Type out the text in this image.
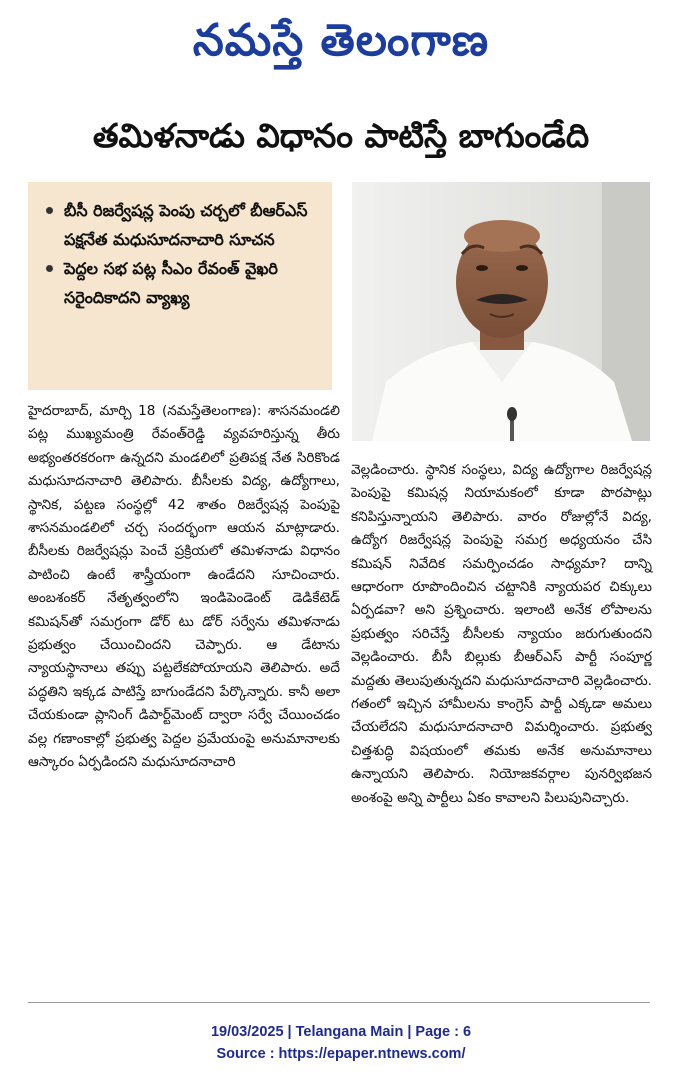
నమస్తే తెలంగాణ
తమిళనాడు విధానం పాటిస్తే బాగుండేది
బీసీ రిజర్వేషన్ల పెంపు చర్చలో బీఆర్‌ఎస్ పక్షనేత మధుసూదనాచారి సూచన
పెద్దల సభ పట్ల సీఎం రేవంత్ వైఖరి సరైందికాదని వ్యాఖ్య
హైదరాబాద్, మార్చి 18 (నమస్తేతెలంగాణ): శాసనమండలి పట్ల ముఖ్యమంత్రి రేవంత్‌రెడ్డి వ్యవహరిస్తున్న తీరు అభ్యంతరకరంగా ఉన్నదని మండలిలో ప్రతిపక్ష నేత సిరికొండ మధుసూదనాచారి తెలిపారు. బీసీలకు విద్య, ఉద్యోగాలు, స్థానిక, పట్టణ సంస్థల్లో 42 శాతం రిజర్వేషన్ల పెంపుపై శాసనమండలిలో చర్చ సందర్భంగా ఆయన మాట్లాడారు. బీసీలకు రిజర్వేషన్లు పెంచే ప్రక్రియలో తమిళనాడు విధానం పాటించి ఉంటే శాస్త్రీయంగా ఉండేదని సూచించారు. అంబశంకర్ నేతృత్వంలోని ఇండిపెండెంట్ డెడికేటెడ్ కమిషన్‌తో సమగ్రంగా డోర్ టు డోర్ సర్వేను తమిళనాడు ప్రభుత్వం చేయించిందని చెప్పారు. ఆ డేటాను న్యాయస్థానాలు తప్పు పట్టలేకపోయాయని తెలిపారు. అదే పద్ధతిని ఇక్కడ పాటిస్తే బాగుండేదని పేర్కొన్నారు. కానీ అలా చేయకుండా ప్లానింగ్ డిపార్ట్‌మెంట్ ద్వారా సర్వే చేయించడం వల్ల గణాంకాల్లో ప్రభుత్వ పెద్దల ప్రమేయంపై అనుమానాలకు ఆస్కారం ఏర్పడిందని మధుసూదనాచారి
వెల్లడించారు. స్థానిక సంస్థలు, విద్య ఉద్యోగాల రిజర్వేషన్ల పెంపుపై కమిషన్ల నియామకంలో కూడా పొరపాట్లు కనిపిస్తున్నాయని తెలిపారు. వారం రోజుల్లోనే విద్య, ఉద్యోగ రిజర్వేషన్ల పెంపుపై సమగ్ర అధ్యయనం చేసి కమిషన్ నివేదిక సమర్పించడం సాధ్యమా? దాన్ని ఆధారంగా రూపొందించిన చట్టానికి న్యాయపర చిక్కులు ఏర్పడవా? అని ప్రశ్నించారు. ఇలాంటి అనేక లోపాలను ప్రభుత్వం సరిచేస్తే బీసీలకు న్యాయం జరుగుతుందని వెల్లడించారు. బీసీ బిల్లుకు బీఆర్‌ఎస్ పార్టీ సంపూర్ణ మద్దతు తెలుపుతున్నదని మధుసూదనాచారి వెల్లడించారు. గతంలో ఇచ్చిన హామీలను కాంగ్రెస్ పార్టీ ఎక్కడా అమలు చేయలేదని మధుసూదనాచారి విమర్శించారు. ప్రభుత్వ చిత్తశుద్ధి విషయంలో తమకు అనేక అనుమానాలు ఉన్నాయని తెలిపారు. నియోజకవర్గాల పునర్విభజన అంశంపై అన్ని పార్టీలు ఏకం కావాలని పిలుపునిచ్చారు.
19/03/2025 | Telangana Main | Page : 6
Source : https://epaper.ntnews.com/
